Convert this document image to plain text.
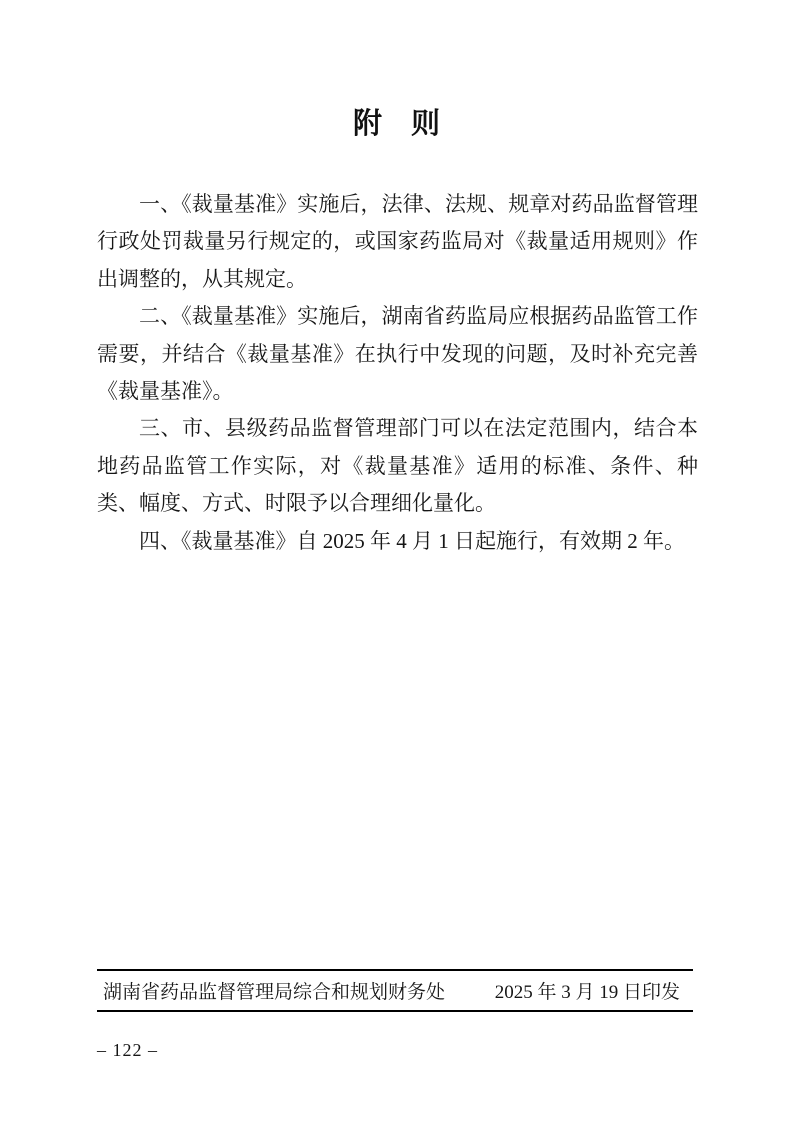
附　则

一、《裁量基准》实施后，法律、法规、规章对药品监督管理行政处罚裁量另行规定的，或国家药监局对《裁量适用规则》作出调整的，从其规定。

二、《裁量基准》实施后，湖南省药监局应根据药品监管工作需要，并结合《裁量基准》在执行中发现的问题，及时补充完善《裁量基准》。

三、市、县级药品监督管理部门可以在法定范围内，结合本地药品监管工作实际，对《裁量基准》适用的标准、条件、种类、幅度、方式、时限予以合理细化量化。

四、《裁量基准》自 2025 年 4 月 1 日起施行，有效期 2 年。

湖南省药品监督管理局综合和规划财务处	2025 年 3 月 19 日印发
– 122 –
